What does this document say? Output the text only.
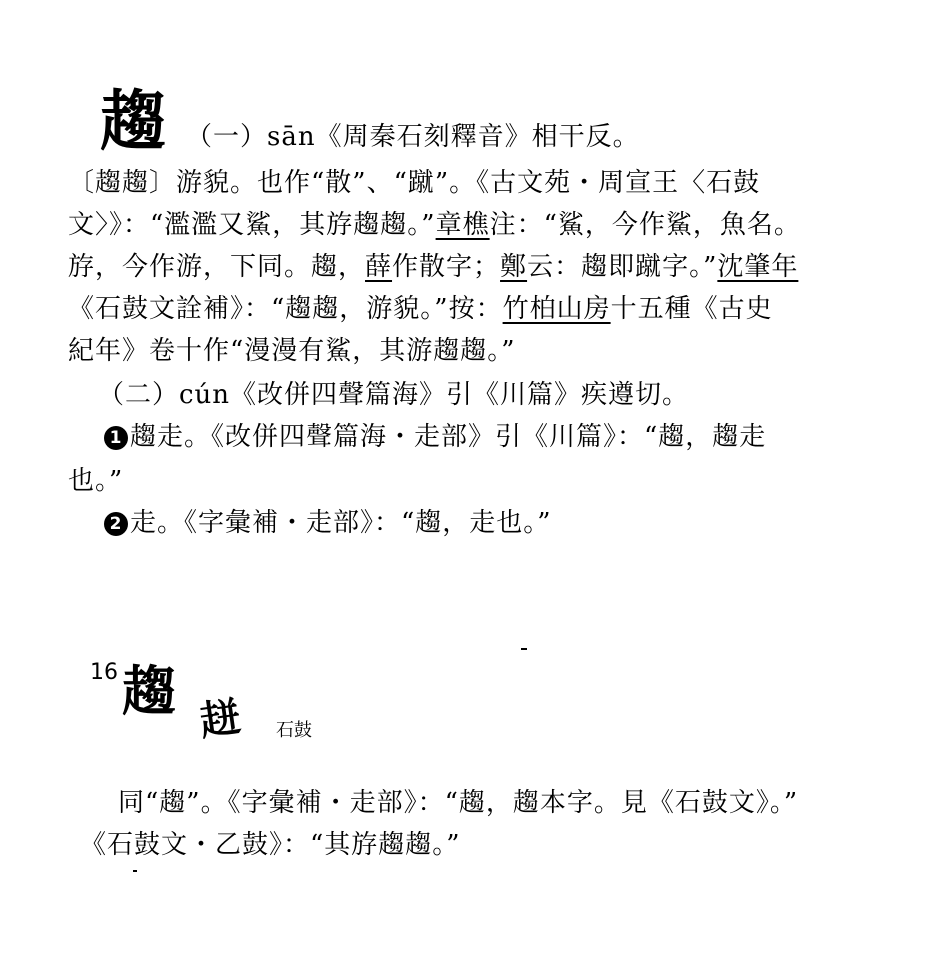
趨 （一）sān《周秦石刻釋音》相干反。
〔趨趨〕游貌。也作“散”、“蹴”。《古文苑・周宣王〈石鼓
文〉》：“濫濫又鯊，其斿趨趨。”章樵注：“鯊，今作鯊，魚名。
斿，今作游，下同。趨，薛作散字；鄭云：趨即蹴字。”沈肇年
《石鼓文詮補》：“趨趨，游貌。”按：竹柏山房十五種《古史
紀年》卷十作“漫漫有鯊，其游趨趨。”
（二）cún《改併四聲篇海》引《川篇》疾遵切。
1 趨走。《改併四聲篇海・走部》引《川篇》：“趨，趨走
也。”
2 走。《字彙補・走部》：“趨，走也。”
16 趨 𧻓 石鼓
同“趨”。《字彙補・走部》：“趨，趨本字。見《石鼓文》。”
《石鼓文・乙鼓》：“其斿趨趨。”
